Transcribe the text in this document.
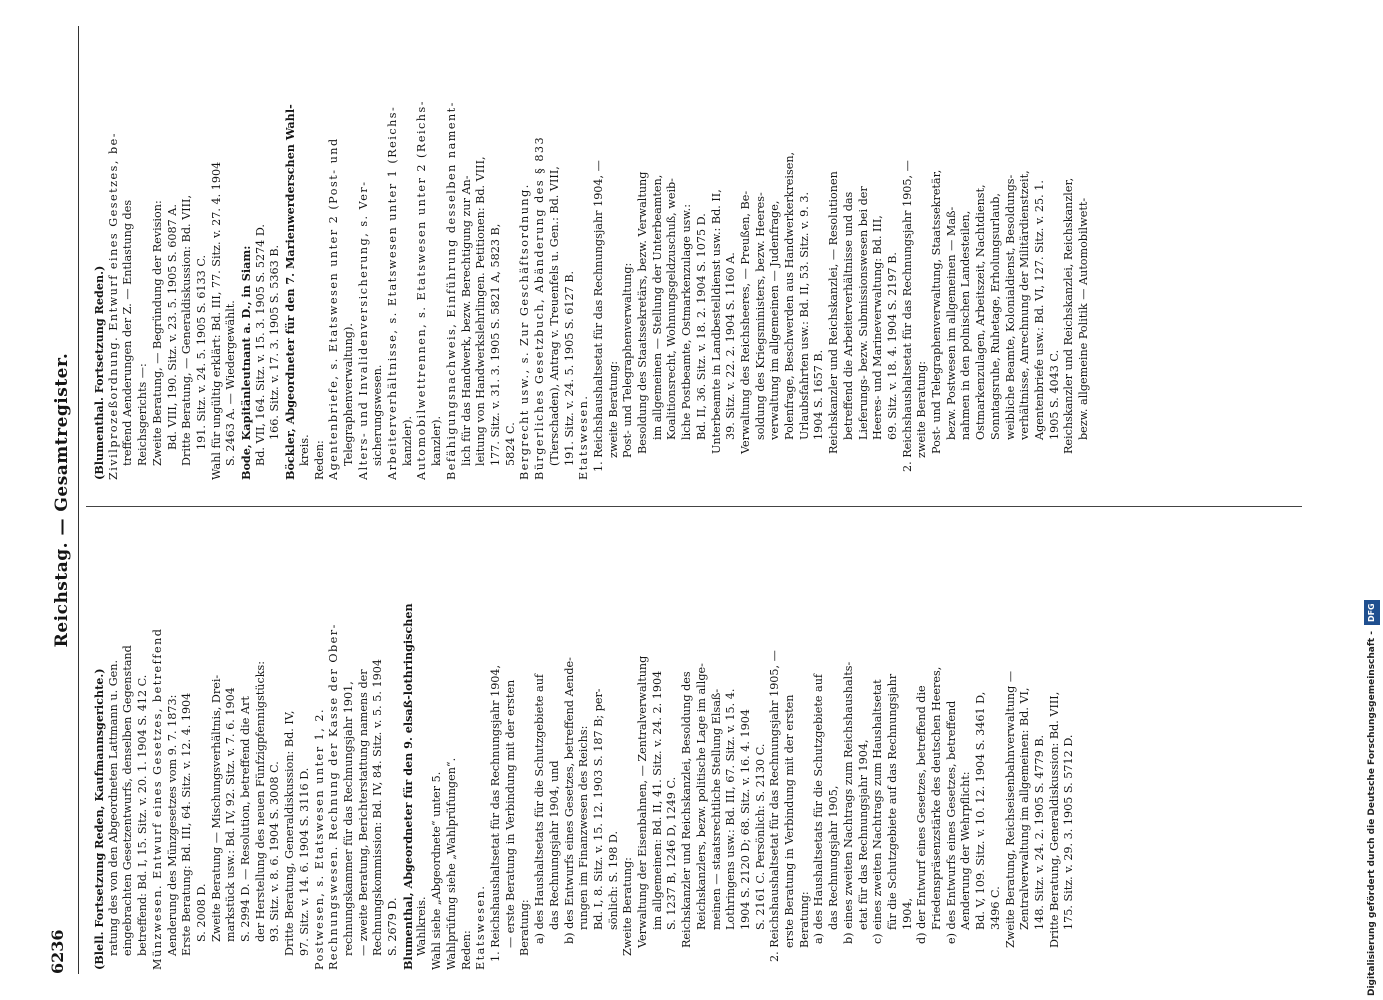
6236
Reichstag. — Gesamtregister.
(Blell. Fortsetzung Reden, Kaufmannsgerichte.) ratung des von den Abgeordneten Lattmann u. Gen. eingebrachten Gesetzentwurfs, denselben Gegenstand betreffend: Bd. I, 15. Sitz. v. 20. 1. 1904 S. 412 C. Münzwesen. Entwurf eines Gesetzes, betreffend Aenderung des Münzgesetzes vom 9. 7. 1873: Erste Beratung: Bd. III, 64. Sitz. v. 12. 4. 1904 S. 2008 D. Zweite Beratung — Mischungsverhältnis, Drei- markstück usw.: Bd. IV, 92. Sitz. v. 7. 6. 1904 S. 2994 D. — Resolution, betreffend die Art der Herstellung des neuen Fünfzigpfennigstücks: 93. Sitz. v. 8. 6. 1904 S. 3008 C. Dritte Beratung, Generaldiskussion: Bd. IV, 97. Sitz. v. 14. 6. 1904 S. 3116 D. Postwesen, s. Etatswesen unter 1, 2. Rechnungswesen. Rechnung der Kasse der Ober- rechnungskammer für das Rechnungsjahr 1901, — zweite Beratung, Berichterstattung namens der Rechnungskommission: Bd. IV, 84. Sitz. v. 5. 5. 1904 S. 2679 D. Blumenthal, Abgeordneter für den 9. elsaß-lothringischen Wahlkreis. Wahl siehe „Abgeordnete“ unter 5. Wahlprüfung siehe „Wahlprüfungen“. Reden: Etatswesen. 1. Reichshaushaltsetat für das Rechnungsjahr 1904, — erste Beratung in Verbindung mit der ersten Beratung: a) des Haushaltsetats für die Schutzgebiete auf das Rechnungsjahr 1904, und b) des Entwurfs eines Gesetzes, betreffend Aende- rungen im Finanzwesen des Reichs: Bd. I, 8. Sitz. v. 15. 12. 1903 S. 187 B; per- sönlich: S. 198 D. Zweite Beratung: Verwaltung der Eisenbahnen, — Zentralverwaltung im allgemeinen: Bd. II, 41. Sitz. v. 24. 2. 1904 S. 1237 B, 1246 D, 1249 C. Reichskanzler und Reichskanzlei, Besoldung des Reichskanzlers, bezw. politische Lage im allge- meinen — staatsrechtliche Stellung Elsaß- Lothringens usw.: Bd. III, 67. Sitz. v. 15. 4. 1904 S. 2120 D; 68. Sitz. v. 16. 4. 1904 S. 2161 C. Persönlich: S. 2130 C. 2. Reichshaushaltsetat für das Rechnungsjahr 1905, — erste Beratung in Verbindung mit der ersten Beratung: a) des Haushaltsetats für die Schutzgebiete auf das Rechnungsjahr 1905, b) eines zweiten Nachtrags zum Reichshaushalts- etat für das Rechnungsjahr 1904, c) eines zweiten Nachtrags zum Haushaltsetat für die Schutzgebiete auf das Rechnungsjahr 1904, d) der Entwurf eines Gesetzes, betreffend die Friedenspräsenzstärke des deutschen Heeres, e) des Entwurfs eines Gesetzes, betreffend Aenderung der Wehrpflicht: Bd. V, 109. Sitz. v. 10. 12. 1904 S. 3461 D, 3496 C. Zweite Beratung, Reichseisenbahnverwaltung — Zentralverwaltung im allgemeinen: Bd. VI, 148. Sitz. v. 24. 2. 1905 S. 4779 B. Dritte Beratung, Generaldiskussion: Bd. VIII, 175. Sitz. v. 29. 3. 1905 S. 5712 D.
(Blumenthal. Fortsetzung Reden.) Zivilprozeßordnung. Entwurf eines Gesetzes, be- treffend Aenderungen der Z. — Entlastung des Reichsgerichts —: Zweite Beratung, — Begründung der Revision: Bd. VIII, 190. Sitz. v. 23. 5. 1905 S. 6087 A. Dritte Beratung, — Generaldiskussion: Bd. VIII, 191. Sitz. v. 24. 5. 1905 S. 6133 C. Wahl für ungültig erklärt: Bd. III, 77. Sitz. v. 27. 4. 1904 S. 2463 A. — Wiedergewählt. Bode, Kapitänleutnant a. D., in Siam: Bd. VII, 164. Sitz. v. 15. 3. 1905 S. 5274 D. 166. Sitz. v. 17. 3. 1905 S. 5363 B. Böckler, Abgeordneter für den 7. Marienwerderschen Wahl- kreis. Reden: Agentenbriefe, s. Etatswesen unter 2 (Post- und Telegraphenverwaltung). Alters- und Invalidenversicherung, s. Ver- sicherungswesen. Arbeiterverhältnisse, s. Etatswesen unter 1 (Reichs- kanzler). Automobilwettrennen, s. Etatswesen unter 2 (Reichs- kanzler). Befähigungsnachweis, Einführung desselben nament- lich für das Handwerk, bezw. Berechtigung zur An- leitung von Handwerkslehrlingen. Petitionen: Bd. VIII, 177. Sitz. v. 31. 3. 1905 S. 5821 A, 5823 B, 5824 C. Bergrecht usw., s. Zur Geschäftsordnung. Bürgerliches Gesetzbuch, Abänderung des § 833 (Tierschaden), Antrag v. Treuenfels u. Gen.: Bd. VIII, 191. Sitz. v. 24. 5. 1905 S. 6127 B. Etatswesen. 1. Reichshaushaltsetat für das Rechnungsjahr 1904, — zweite Beratung: Post- und Telegraphenverwaltung: Besoldung des Staatssekretärs, bezw. Verwaltung im allgemeinen — Stellung der Unterbeamten, Koalitionsrecht, Wohnungsgeldzuschuß, weib- liche Postbeamte, Ostmarkenzulage usw.: Bd. II, 36. Sitz. v. 18. 2. 1904 S. 1075 D. Unterbeamte in Landbestelldienst usw.: Bd. II, 39. Sitz. v. 22. 2. 1904 S. 1160 A. Verwaltung des Reichsheeres, — Preußen, Be- soldung des Kriegsministers, bezw. Heeres- verwaltung im allgemeinen — Judenfrage, Polenfrage, Beschwerden aus Handwerkerkreisen, Urlaubsfahrten usw.: Bd. II, 53. Sitz. v. 9. 3. 1904 S. 1657 B. Reichskanzler und Reichskanzlei, — Resolutionen betreffend die Arbeiterverhältnisse und das Lieferungs- bezw. Submissionswesen bei der Heeres- und Marineverwaltung: Bd. III, 69. Sitz. v. 18. 4. 1904 S. 2197 B. 2. Reichshaushaltsetat für das Rechnungsjahr 1905, — zweite Beratung: Post- und Telegraphenverwaltung, Staatssekretär, bezw. Postwesen im allgemeinen — Maß- nahmen in den polnischen Landesteilen, Ostmarkenzulagen, Arbeitszeit, Nachtdienst, Sonntagsruhe, Ruhetage, Erholungsurlaub, weibliche Beamte, Kolonialdienst, Besoldungs- verhältnisse, Anrechnung der Militärdienstzeit, Agentenbriefe usw.: Bd. VI, 127. Sitz. v. 25. 1. 1905 S. 4043 C. Reichskanzler und Reichskanzlei, Reichskanzler, bezw. allgemeine Politik — Automobilwett-
Digitalisierung gefördert durch die Deutsche Forschungsgemeinschaft -DFG
